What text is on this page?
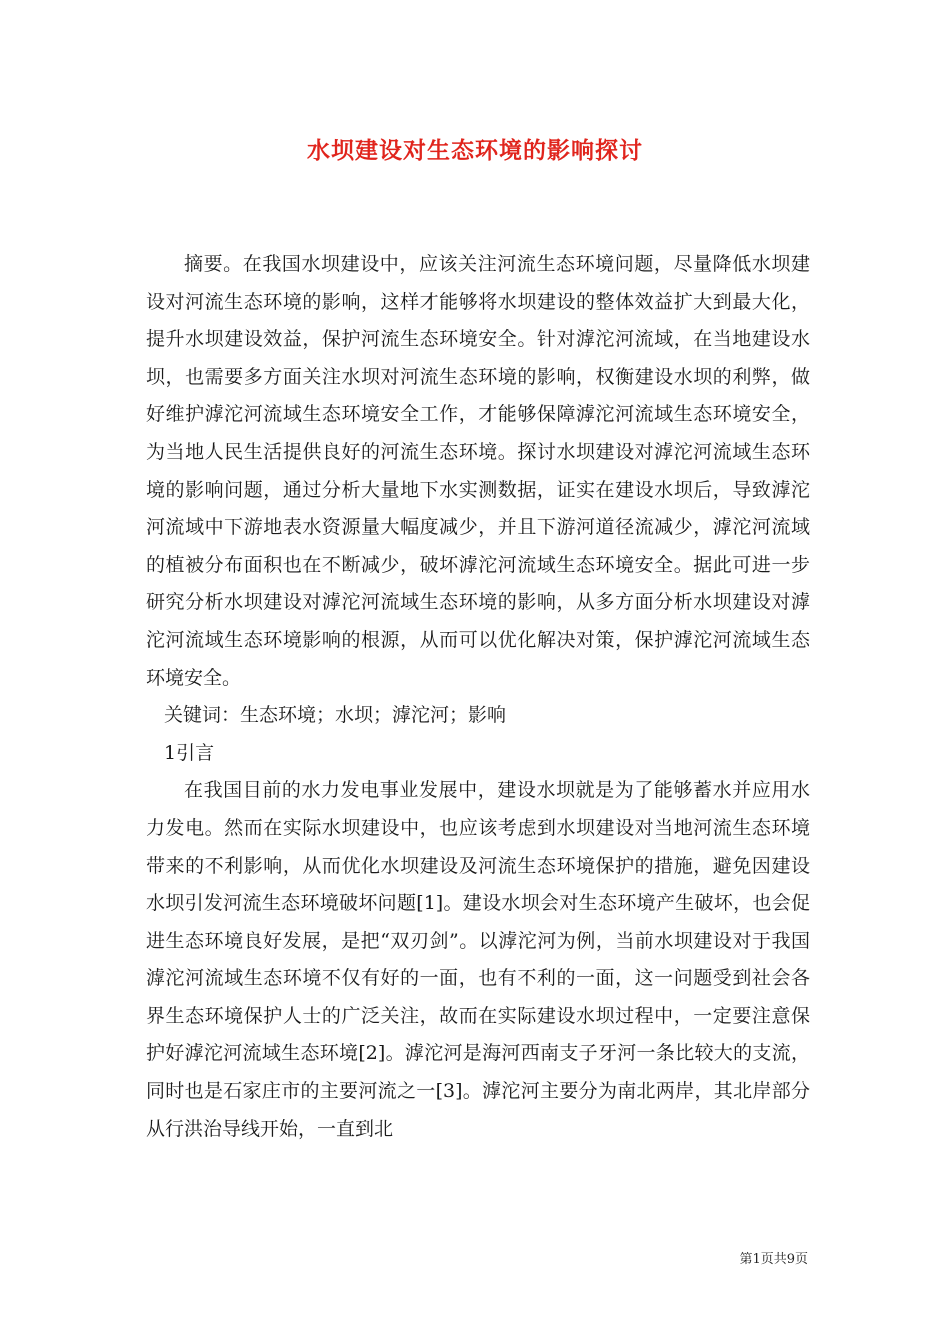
水坝建设对生态环境的影响探讨

摘要。在我国水坝建设中，应该关注河流生态环境问题，尽量降低水坝建设对河流生态环境的影响，这样才能够将水坝建设的整体效益扩大到最大化，提升水坝建设效益，保护河流生态环境安全。针对滹沱河流域，在当地建设水坝，也需要多方面关注水坝对河流生态环境的影响，权衡建设水坝的利弊，做好维护滹沱河流域生态环境安全工作，才能够保障滹沱河流域生态环境安全，为当地人民生活提供良好的河流生态环境。探讨水坝建设对滹沱河流域生态环境的影响问题，通过分析大量地下水实测数据，证实在建设水坝后，导致滹沱河流域中下游地表水资源量大幅度减少，并且下游河道径流减少，滹沱河流域的植被分布面积也在不断减少，破坏滹沱河流域生态环境安全。据此可进一步研究分析水坝建设对滹沱河流域生态环境的影响，从多方面分析水坝建设对滹沱河流域生态环境影响的根源，从而可以优化解决对策，保护滹沱河流域生态环境安全。

关键词：生态环境；水坝；滹沱河；影响

1引言

在我国目前的水力发电事业发展中，建设水坝就是为了能够蓄水并应用水力发电。然而在实际水坝建设中，也应该考虑到水坝建设对当地河流生态环境带来的不利影响，从而优化水坝建设及河流生态环境保护的措施，避免因建设水坝引发河流生态环境破坏问题[1]。建设水坝会对生态环境产生破坏，也会促进生态环境良好发展，是把“双刃剑”。以滹沱河为例，当前水坝建设对于我国滹沱河流域生态环境不仅有好的一面，也有不利的一面，这一问题受到社会各界生态环境保护人士的广泛关注，故而在实际建设水坝过程中，一定要注意保护好滹沱河流域生态环境[2]。滹沱河是海河西南支子牙河一条比较大的支流，同时也是石家庄市的主要河流之一[3]。滹沱河主要分为南北两岸，其北岸部分从行洪治导线开始，一直到北

第1页共9页
